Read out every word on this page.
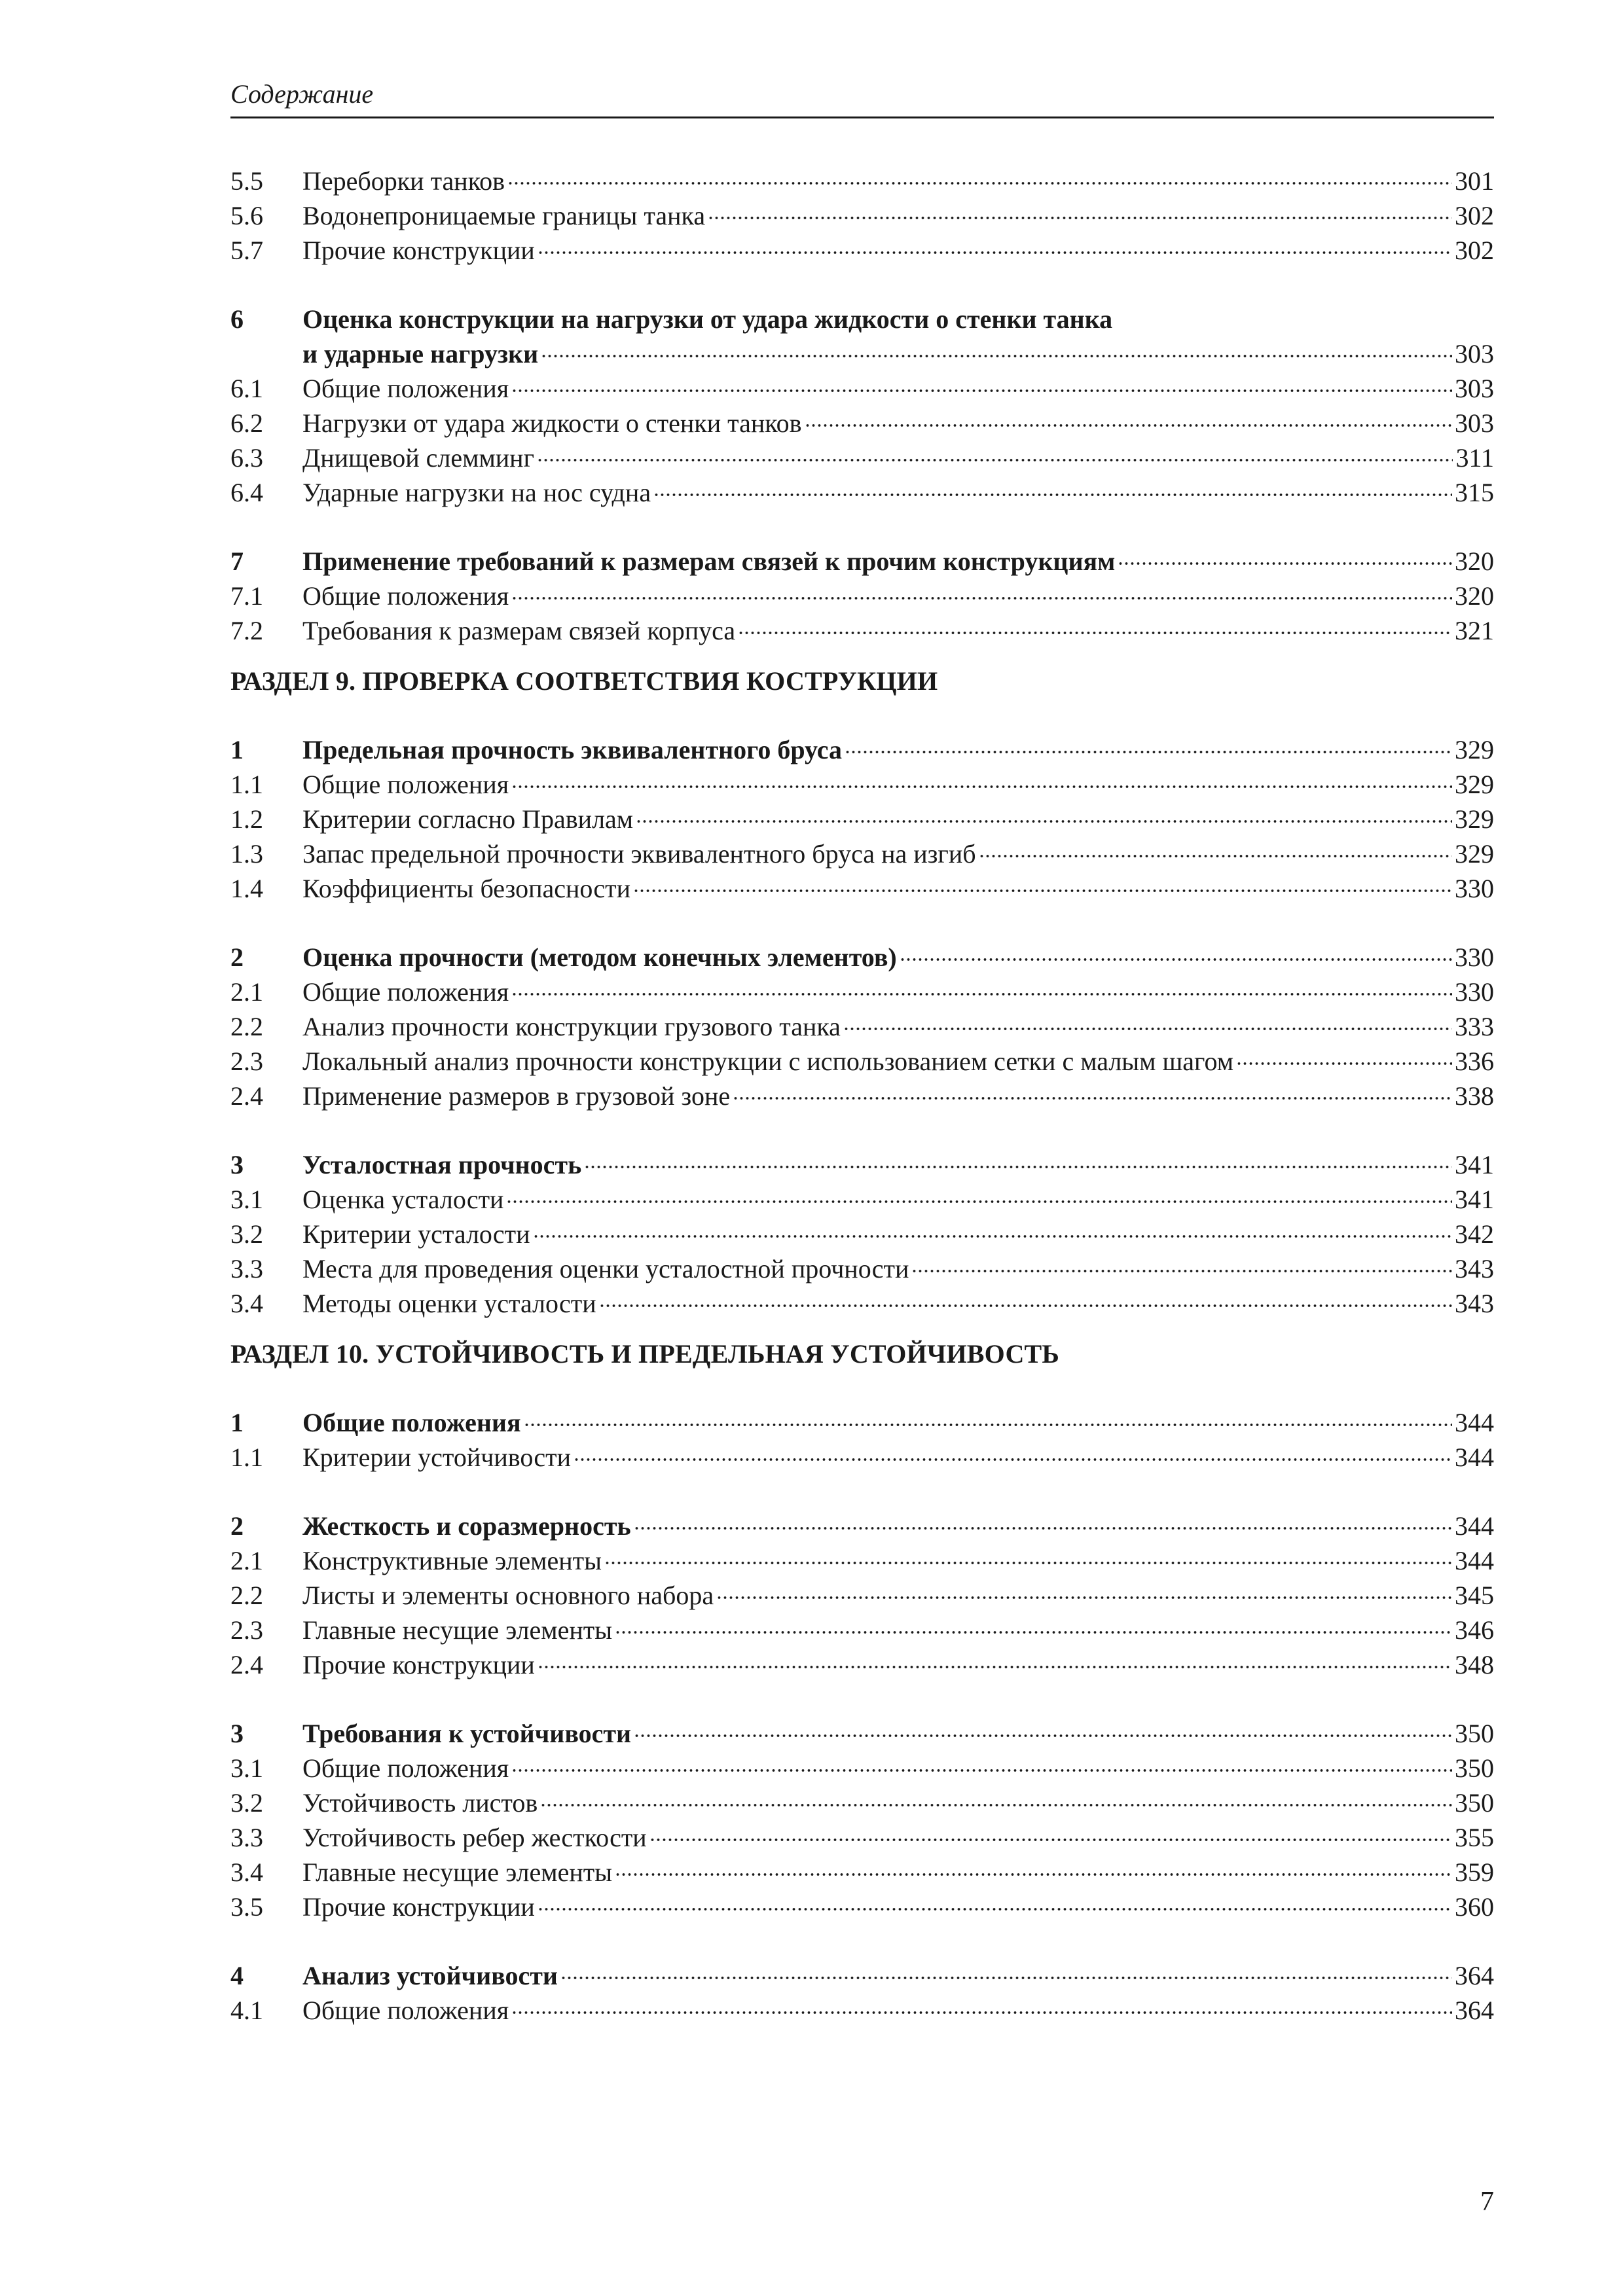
Содержание
5.5	Переборки танков	301
5.6	Водонепроницаемые границы танка	302
5.7	Прочие конструкции	302
6	Оценка конструкции на нагрузки от удара жидкости о стенки танка
и ударные нагрузки	303
6.1	Общие положения	303
6.2	Нагрузки от удара жидкости о стенки танков	303
6.3	Днищевой слемминг	311
6.4	Ударные нагрузки на нос судна	315
7	Применение требований к размерам связей к прочим конструкциям	320
7.1	Общие положения	320
7.2	Требования к размерам связей корпуса	321
РАЗДЕЛ 9. ПРОВЕРКА СООТВЕТСТВИЯ КОСТРУКЦИИ
1	Предельная прочность эквивалентного бруса	329
1.1	Общие положения	329
1.2	Критерии согласно Правилам	329
1.3	Запас предельной прочности эквивалентного бруса на изгиб	329
1.4	Коэффициенты безопасности	330
2	Оценка прочности (методом конечных элементов)	330
2.1	Общие положения	330
2.2	Анализ прочности конструкции грузового танка	333
2.3	Локальный анализ прочности конструкции с использованием сетки с малым шагом	336
2.4	Применение размеров в грузовой зоне	338
3	Усталостная прочность	341
3.1	Оценка усталости	341
3.2	Критерии усталости	342
3.3	Места для проведения оценки усталостной прочности	343
3.4	Методы оценки усталости	343
РАЗДЕЛ 10. УСТОЙЧИВОСТЬ И ПРЕДЕЛЬНАЯ УСТОЙЧИВОСТЬ
1	Общие положения	344
1.1	Критерии устойчивости	344
2	Жесткость и соразмерность	344
2.1	Конструктивные элементы	344
2.2	Листы и элементы основного набора	345
2.3	Главные несущие элементы	346
2.4	Прочие конструкции	348
3	Требования к устойчивости	350
3.1	Общие положения	350
3.2	Устойчивость листов	350
3.3	Устойчивость ребер жесткости	355
3.4	Главные несущие элементы	359
3.5	Прочие конструкции	360
4	Анализ устойчивости	364
4.1	Общие положения	364
7
